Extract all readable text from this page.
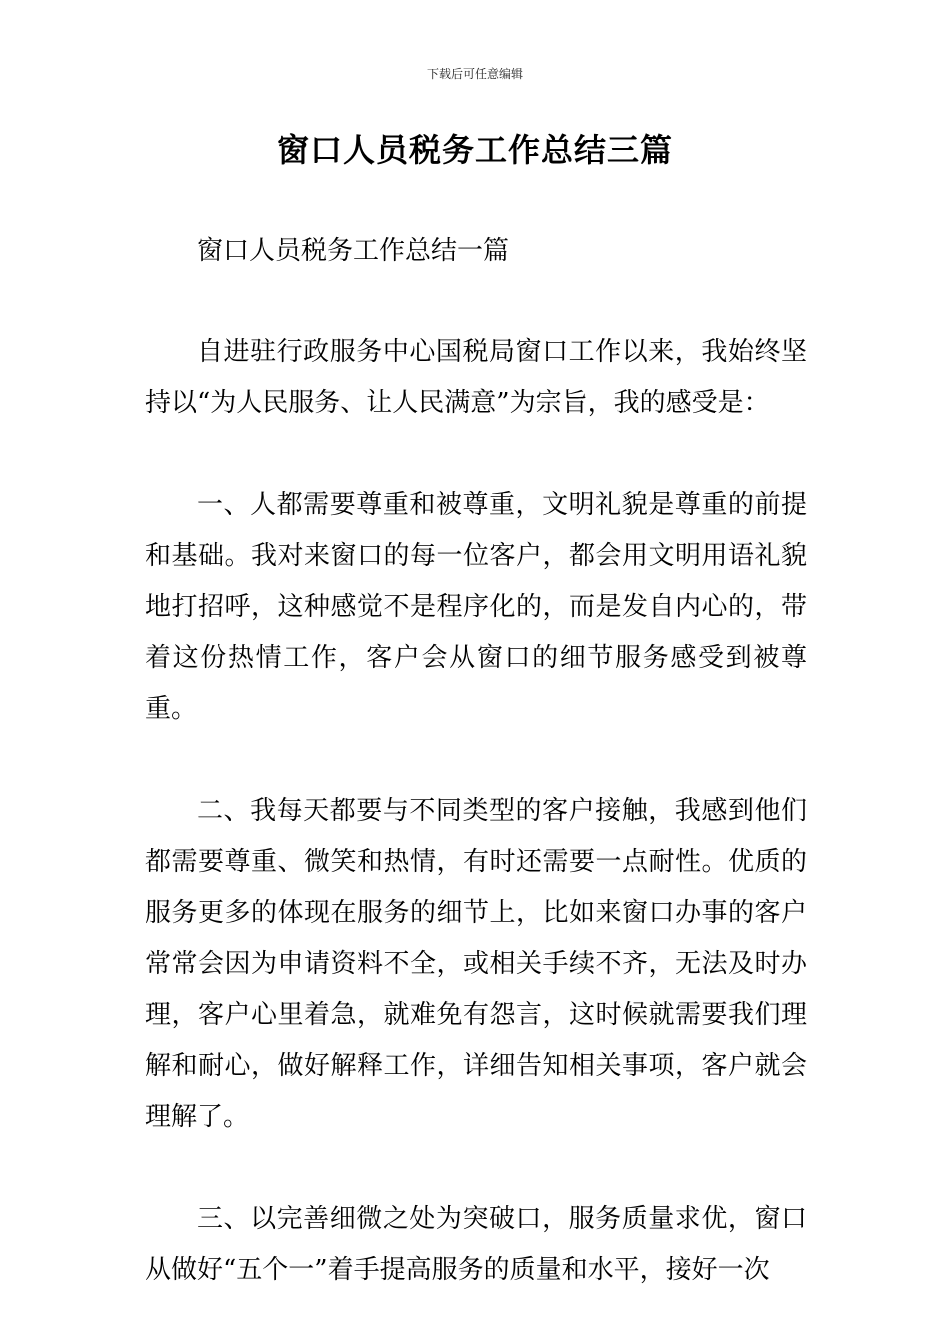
下载后可任意编辑
窗口人员税务工作总结三篇

窗口人员税务工作总结一篇

自进驻行政服务中心国税局窗口工作以来，我始终坚持以“为人民服务、让人民满意”为宗旨，我的感受是：

一、人都需要尊重和被尊重，文明礼貌是尊重的前提和基础。我对来窗口的每一位客户，都会用文明用语礼貌地打招呼，这种感觉不是程序化的，而是发自内心的，带着这份热情工作，客户会从窗口的细节服务感受到被尊重。

二、我每天都要与不同类型的客户接触，我感到他们都需要尊重、微笑和热情，有时还需要一点耐性。优质的服务更多的体现在服务的细节上，比如来窗口办事的客户常常会因为申请资料不全，或相关手续不齐，无法及时办理，客户心里着急，就难免有怨言，这时候就需要我们理解和耐心，做好解释工作，详细告知相关事项，客户就会理解了。

三、以完善细微之处为突破口，服务质量求优，窗口从做好“五个一”着手提高服务的质量和水平，接好一次
